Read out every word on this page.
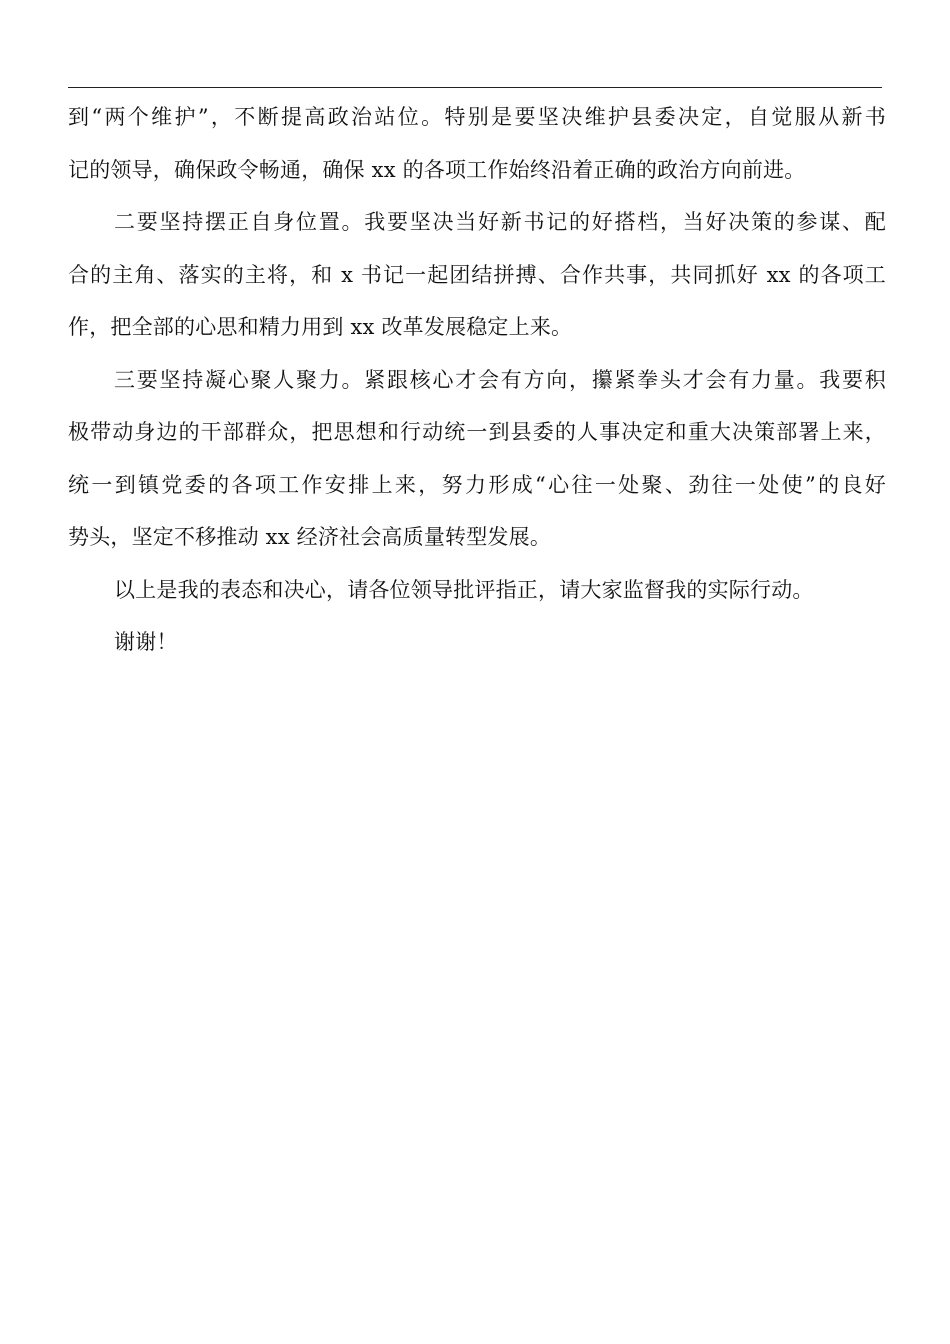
到“两个维护”，不断提高政治站位。特别是要坚决维护县委决定，自觉服从新书
记的领导，确保政令畅通，确保 xx 的各项工作始终沿着正确的政治方向前进。
二要坚持摆正自身位置。我要坚决当好新书记的好搭档，当好决策的参谋、配
合的主角、落实的主将，和 x 书记一起团结拼搏、合作共事，共同抓好 xx 的各项工
作，把全部的心思和精力用到 xx 改革发展稳定上来。
三要坚持凝心聚人聚力。紧跟核心才会有方向，攥紧拳头才会有力量。我要积
极带动身边的干部群众，把思想和行动统一到县委的人事决定和重大决策部署上来，
统一到镇党委的各项工作安排上来，努力形成“心往一处聚、劲往一处使”的良好
势头，坚定不移推动 xx 经济社会高质量转型发展。
以上是我的表态和决心，请各位领导批评指正，请大家监督我的实际行动。
谢谢！
